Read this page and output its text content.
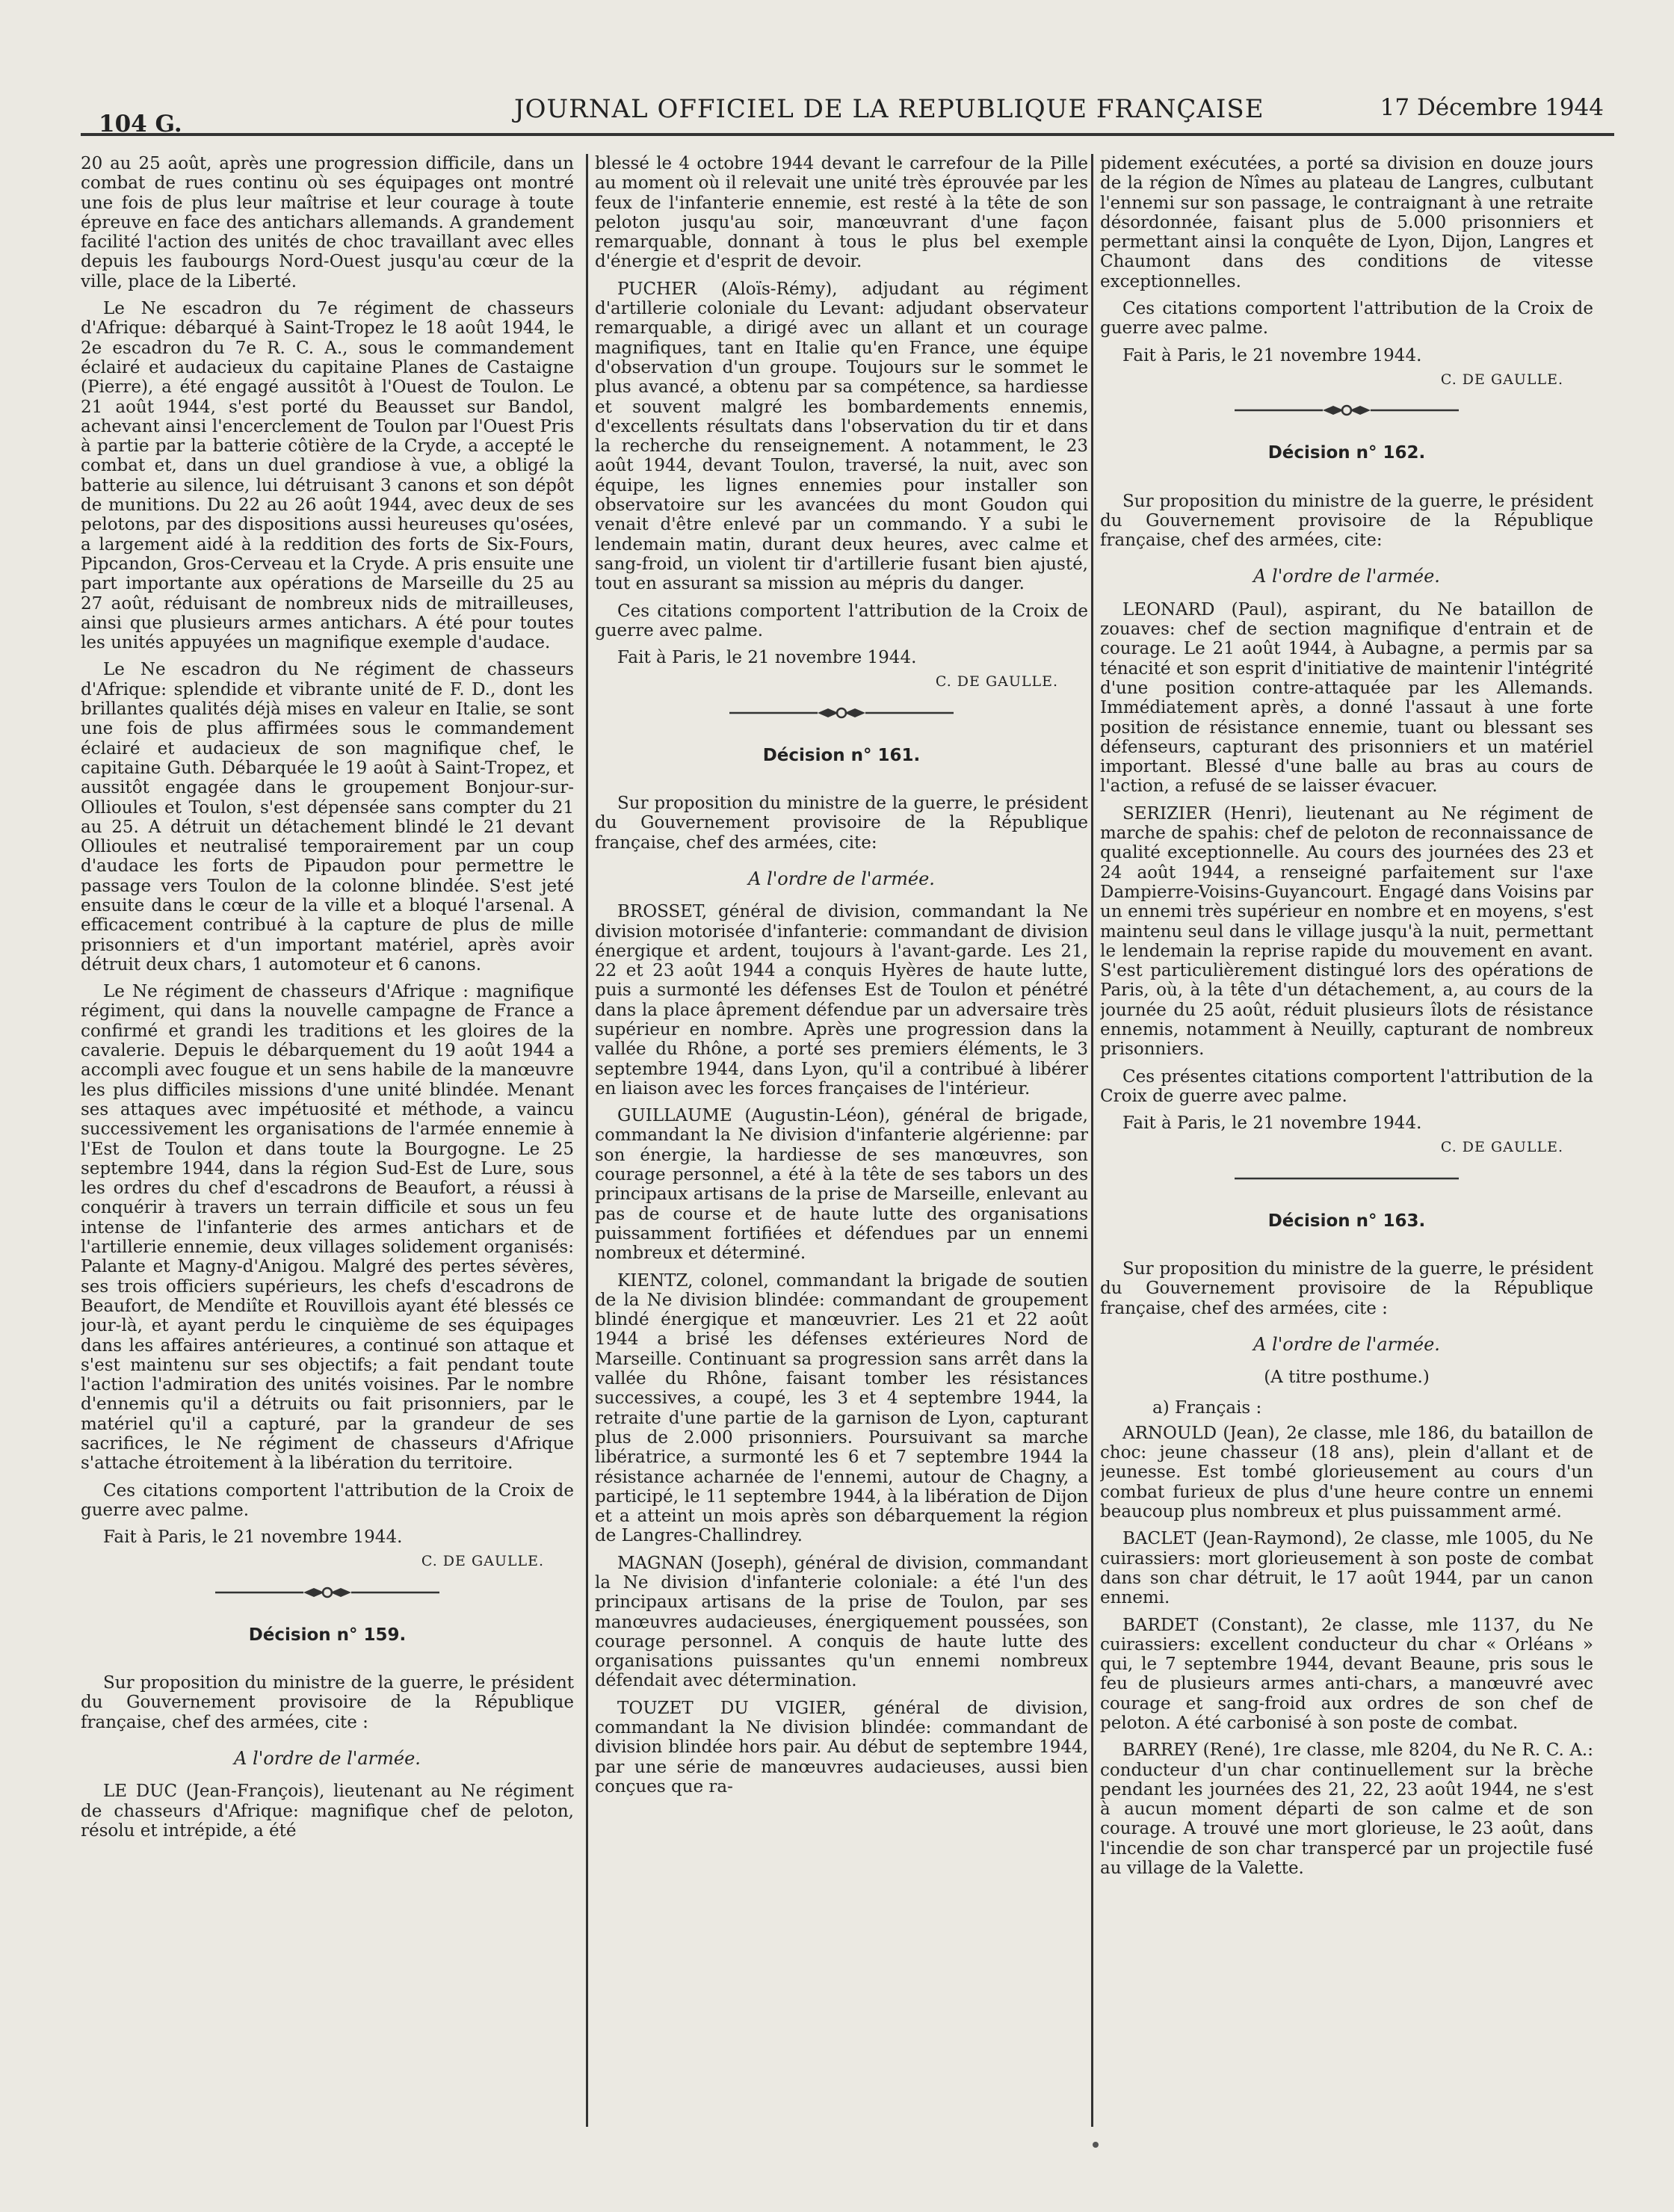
104 G.	JOURNAL OFFICIEL DE LA REPUBLIQUE FRANÇAISE	17 Décembre 1944

20 au 25 août, après une progression difficile, dans un combat de rues continu où ses équipages ont montré une fois de plus leur maîtrise et leur courage à toute épreuve en face des antichars allemands. A grandement facilité l'action des unités de choc travaillant avec elles depuis les faubourgs Nord-Ouest jusqu'au cœur de la ville, place de la Liberté.

Le Ne escadron du 7e régiment de chasseurs d'Afrique: débarqué à Saint-Tropez le 18 août 1944, le 2e escadron du 7e R. C. A., sous le commandement éclairé et audacieux du capitaine Planes de Castaigne (Pierre), a été engagé aussitôt à l'Ouest de Toulon. Le 21 août 1944, s'est porté du Beausset sur Bandol, achevant ainsi l'encerclement de Toulon par l'Ouest Pris à partie par la batterie côtière de la Cryde, a accepté le combat et, dans un duel grandiose à vue, a obligé la batterie au silence, lui détruisant 3 canons et son dépôt de munitions. Du 22 au 26 août 1944, avec deux de ses pelotons, par des dispositions aussi heureuses qu'osées, a largement aidé à la reddition des forts de Six-Fours, Pipcandon, Gros-Cerveau et la Cryde. A pris ensuite une part importante aux opérations de Marseille du 25 au 27 août, réduisant de nombreux nids de mitrailleuses, ainsi que plusieurs armes antichars. A été pour toutes les unités appuyées un magnifique exemple d'audace.

Le Ne escadron du Ne régiment de chasseurs d'Afrique: splendide et vibrante unité de F. D., dont les brillantes qualités déjà mises en valeur en Italie, se sont une fois de plus affirmées sous le commandement éclairé et audacieux de son magnifique chef, le capitaine Guth. Débarquée le 19 août à Saint-Tropez, et aussitôt engagée dans le groupement Bonjour-sur-Ollioules et Toulon, s'est dépensée sans compter du 21 au 25. A détruit un détachement blindé le 21 devant Ollioules et neutralisé temporairement par un coup d'audace les forts de Pipaudon pour permettre le passage vers Toulon de la colonne blindée. S'est jeté ensuite dans le cœur de la ville et a bloqué l'arsenal. A efficacement contribué à la capture de plus de mille prisonniers et d'un important matériel, après avoir détruit deux chars, 1 automoteur et 6 canons.

Le Ne régiment de chasseurs d'Afrique : magnifique régiment, qui dans la nouvelle campagne de France a confirmé et grandi les traditions et les gloires de la cavalerie. Depuis le débarquement du 19 août 1944 a accompli avec fougue et un sens habile de la manœuvre les plus difficiles missions d'une unité blindée. Menant ses attaques avec impétuosité et méthode, a vaincu successivement les organisations de l'armée ennemie à l'Est de Toulon et dans toute la Bourgogne. Le 25 septembre 1944, dans la région Sud-Est de Lure, sous les ordres du chef d'escadrons de Beaufort, a réussi à conquérir à travers un terrain difficile et sous un feu intense de l'infanterie des armes antichars et de l'artillerie ennemie, deux villages solidement organisés: Palante et Magny-d'Anigou. Malgré des pertes sévères, ses trois officiers supérieurs, les chefs d'escadrons de Beaufort, de Mendiîte et Rouvillois ayant été blessés ce jour-là, et ayant perdu le cinquième de ses équipages dans les affaires antérieures, a continué son attaque et s'est maintenu sur ses objectifs; a fait pendant toute l'action l'admiration des unités voisines. Par le nombre d'ennemis qu'il a détruits ou fait prisonniers, par le matériel qu'il a capturé, par la grandeur de ses sacrifices, le Ne régiment de chasseurs d'Afrique s'attache étroitement à la libération du territoire.

Ces citations comportent l'attribution de la Croix de guerre avec palme.

Fait à Paris, le 21 novembre 1944.

C. DE GAULLE.

Décision n° 159.

Sur proposition du ministre de la guerre, le président du Gouvernement provisoire de la République française, chef des armées, cite :

A l'ordre de l'armée.

LE DUC (Jean-François), lieutenant au Ne régiment de chasseurs d'Afrique: magnifique chef de peloton, résolu et intrépide, a été

blessé le 4 octobre 1944 devant le carrefour de la Pille au moment où il relevait une unité très éprouvée par les feux de l'infanterie ennemie, est resté à la tête de son peloton jusqu'au soir, manœuvrant d'une façon remarquable, donnant à tous le plus bel exemple d'énergie et d'esprit de devoir.

PUCHER (Aloïs-Rémy), adjudant au régiment d'artillerie coloniale du Levant: adjudant observateur remarquable, a dirigé avec un allant et un courage magnifiques, tant en Italie qu'en France, une équipe d'observation d'un groupe. Toujours sur le sommet le plus avancé, a obtenu par sa compétence, sa hardiesse et souvent malgré les bombardements ennemis, d'excellents résultats dans l'observation du tir et dans la recherche du renseignement. A notamment, le 23 août 1944, devant Toulon, traversé, la nuit, avec son équipe, les lignes ennemies pour installer son observatoire sur les avancées du mont Goudon qui venait d'être enlevé par un commando. Y a subi le lendemain matin, durant deux heures, avec calme et sang-froid, un violent tir d'artillerie fusant bien ajusté, tout en assurant sa mission au mépris du danger.

Ces citations comportent l'attribution de la Croix de guerre avec palme.

Fait à Paris, le 21 novembre 1944.

C. DE GAULLE.

Décision n° 161.

Sur proposition du ministre de la guerre, le président du Gouvernement provisoire de la République française, chef des armées, cite:

A l'ordre de l'armée.

BROSSET, général de division, commandant la Ne division motorisée d'infanterie: commandant de division énergique et ardent, toujours à l'avant-garde. Les 21, 22 et 23 août 1944 a conquis Hyères de haute lutte, puis a surmonté les défenses Est de Toulon et pénétré dans la place âprement défendue par un adversaire très supérieur en nombre. Après une progression dans la vallée du Rhône, a porté ses premiers éléments, le 3 septembre 1944, dans Lyon, qu'il a contribué à libérer en liaison avec les forces françaises de l'intérieur.

GUILLAUME (Augustin-Léon), général de brigade, commandant la Ne division d'infanterie algérienne: par son énergie, la hardiesse de ses manœuvres, son courage personnel, a été à la tête de ses tabors un des principaux artisans de la prise de Marseille, enlevant au pas de course et de haute lutte des organisations puissamment fortifiées et défendues par un ennemi nombreux et déterminé.

KIENTZ, colonel, commandant la brigade de soutien de la Ne division blindée: commandant de groupement blindé énergique et manœuvrier. Les 21 et 22 août 1944 a brisé les défenses extérieures Nord de Marseille. Continuant sa progression sans arrêt dans la vallée du Rhône, faisant tomber les résistances successives, a coupé, les 3 et 4 septembre 1944, la retraite d'une partie de la garnison de Lyon, capturant plus de 2.000 prisonniers. Poursuivant sa marche libératrice, a surmonté les 6 et 7 septembre 1944 la résistance acharnée de l'ennemi, autour de Chagny, a participé, le 11 septembre 1944, à la libération de Dijon et a atteint un mois après son débarquement la région de Langres-Challindrey.

MAGNAN (Joseph), général de division, commandant la Ne division d'infanterie coloniale: a été l'un des principaux artisans de la prise de Toulon, par ses manœuvres audacieuses, énergiquement poussées, son courage personnel. A conquis de haute lutte des organisations puissantes qu'un ennemi nombreux défendait avec détermination.

TOUZET DU VIGIER, général de division, commandant la Ne division blindée: commandant de division blindée hors pair. Au début de septembre 1944, par une série de manœuvres audacieuses, aussi bien conçues que ra-

pidement exécutées, a porté sa division en douze jours de la région de Nîmes au plateau de Langres, culbutant l'ennemi sur son passage, le contraignant à une retraite désordonnée, faisant plus de 5.000 prisonniers et permettant ainsi la conquête de Lyon, Dijon, Langres et Chaumont dans des conditions de vitesse exceptionnelles.

Ces citations comportent l'attribution de la Croix de guerre avec palme.

Fait à Paris, le 21 novembre 1944.

C. DE GAULLE.

Décision n° 162.

Sur proposition du ministre de la guerre, le président du Gouvernement provisoire de la République française, chef des armées, cite:

A l'ordre de l'armée.

LEONARD (Paul), aspirant, du Ne bataillon de zouaves: chef de section magnifique d'entrain et de courage. Le 21 août 1944, à Aubagne, a permis par sa ténacité et son esprit d'initiative de maintenir l'intégrité d'une position contre-attaquée par les Allemands. Immédiatement après, a donné l'assaut à une forte position de résistance ennemie, tuant ou blessant ses défenseurs, capturant des prisonniers et un matériel important. Blessé d'une balle au bras au cours de l'action, a refusé de se laisser évacuer.

SERIZIER (Henri), lieutenant au Ne régiment de marche de spahis: chef de peloton de reconnaissance de qualité exceptionnelle. Au cours des journées des 23 et 24 août 1944, a renseigné parfaitement sur l'axe Dampierre-Voisins-Guyancourt. Engagé dans Voisins par un ennemi très supérieur en nombre et en moyens, s'est maintenu seul dans le village jusqu'à la nuit, permettant le lendemain la reprise rapide du mouvement en avant. S'est particulièrement distingué lors des opérations de Paris, où, à la tête d'un détachement, a, au cours de la journée du 25 août, réduit plusieurs îlots de résistance ennemis, notamment à Neuilly, capturant de nombreux prisonniers.

Ces présentes citations comportent l'attribution de la Croix de guerre avec palme.

Fait à Paris, le 21 novembre 1944.

C. DE GAULLE.

Décision n° 163.

Sur proposition du ministre de la guerre, le président du Gouvernement provisoire de la République française, chef des armées, cite :

A l'ordre de l'armée.
(A titre posthume.)

a) Français :

ARNOULD (Jean), 2e classe, mle 186, du bataillon de choc: jeune chasseur (18 ans), plein d'allant et de jeunesse. Est tombé glorieusement au cours d'un combat furieux de plus d'une heure contre un ennemi beaucoup plus nombreux et plus puissamment armé.

BACLET (Jean-Raymond), 2e classe, mle 1005, du Ne cuirassiers: mort glorieusement à son poste de combat dans son char détruit, le 17 août 1944, par un canon ennemi.

BARDET (Constant), 2e classe, mle 1137, du Ne cuirassiers: excellent conducteur du char « Orléans » qui, le 7 septembre 1944, devant Beaune, pris sous le feu de plusieurs armes anti-chars, a manœuvré avec courage et sang-froid aux ordres de son chef de peloton. A été carbonisé à son poste de combat.

BARREY (René), 1re classe, mle 8204, du Ne R. C. A.: conducteur d'un char continuellement sur la brèche pendant les journées des 21, 22, 23 août 1944, ne s'est à aucun moment départi de son calme et de son courage. A trouvé une mort glorieuse, le 23 août, dans l'incendie de son char transpercé par un projectile fusé au village de la Valette.
